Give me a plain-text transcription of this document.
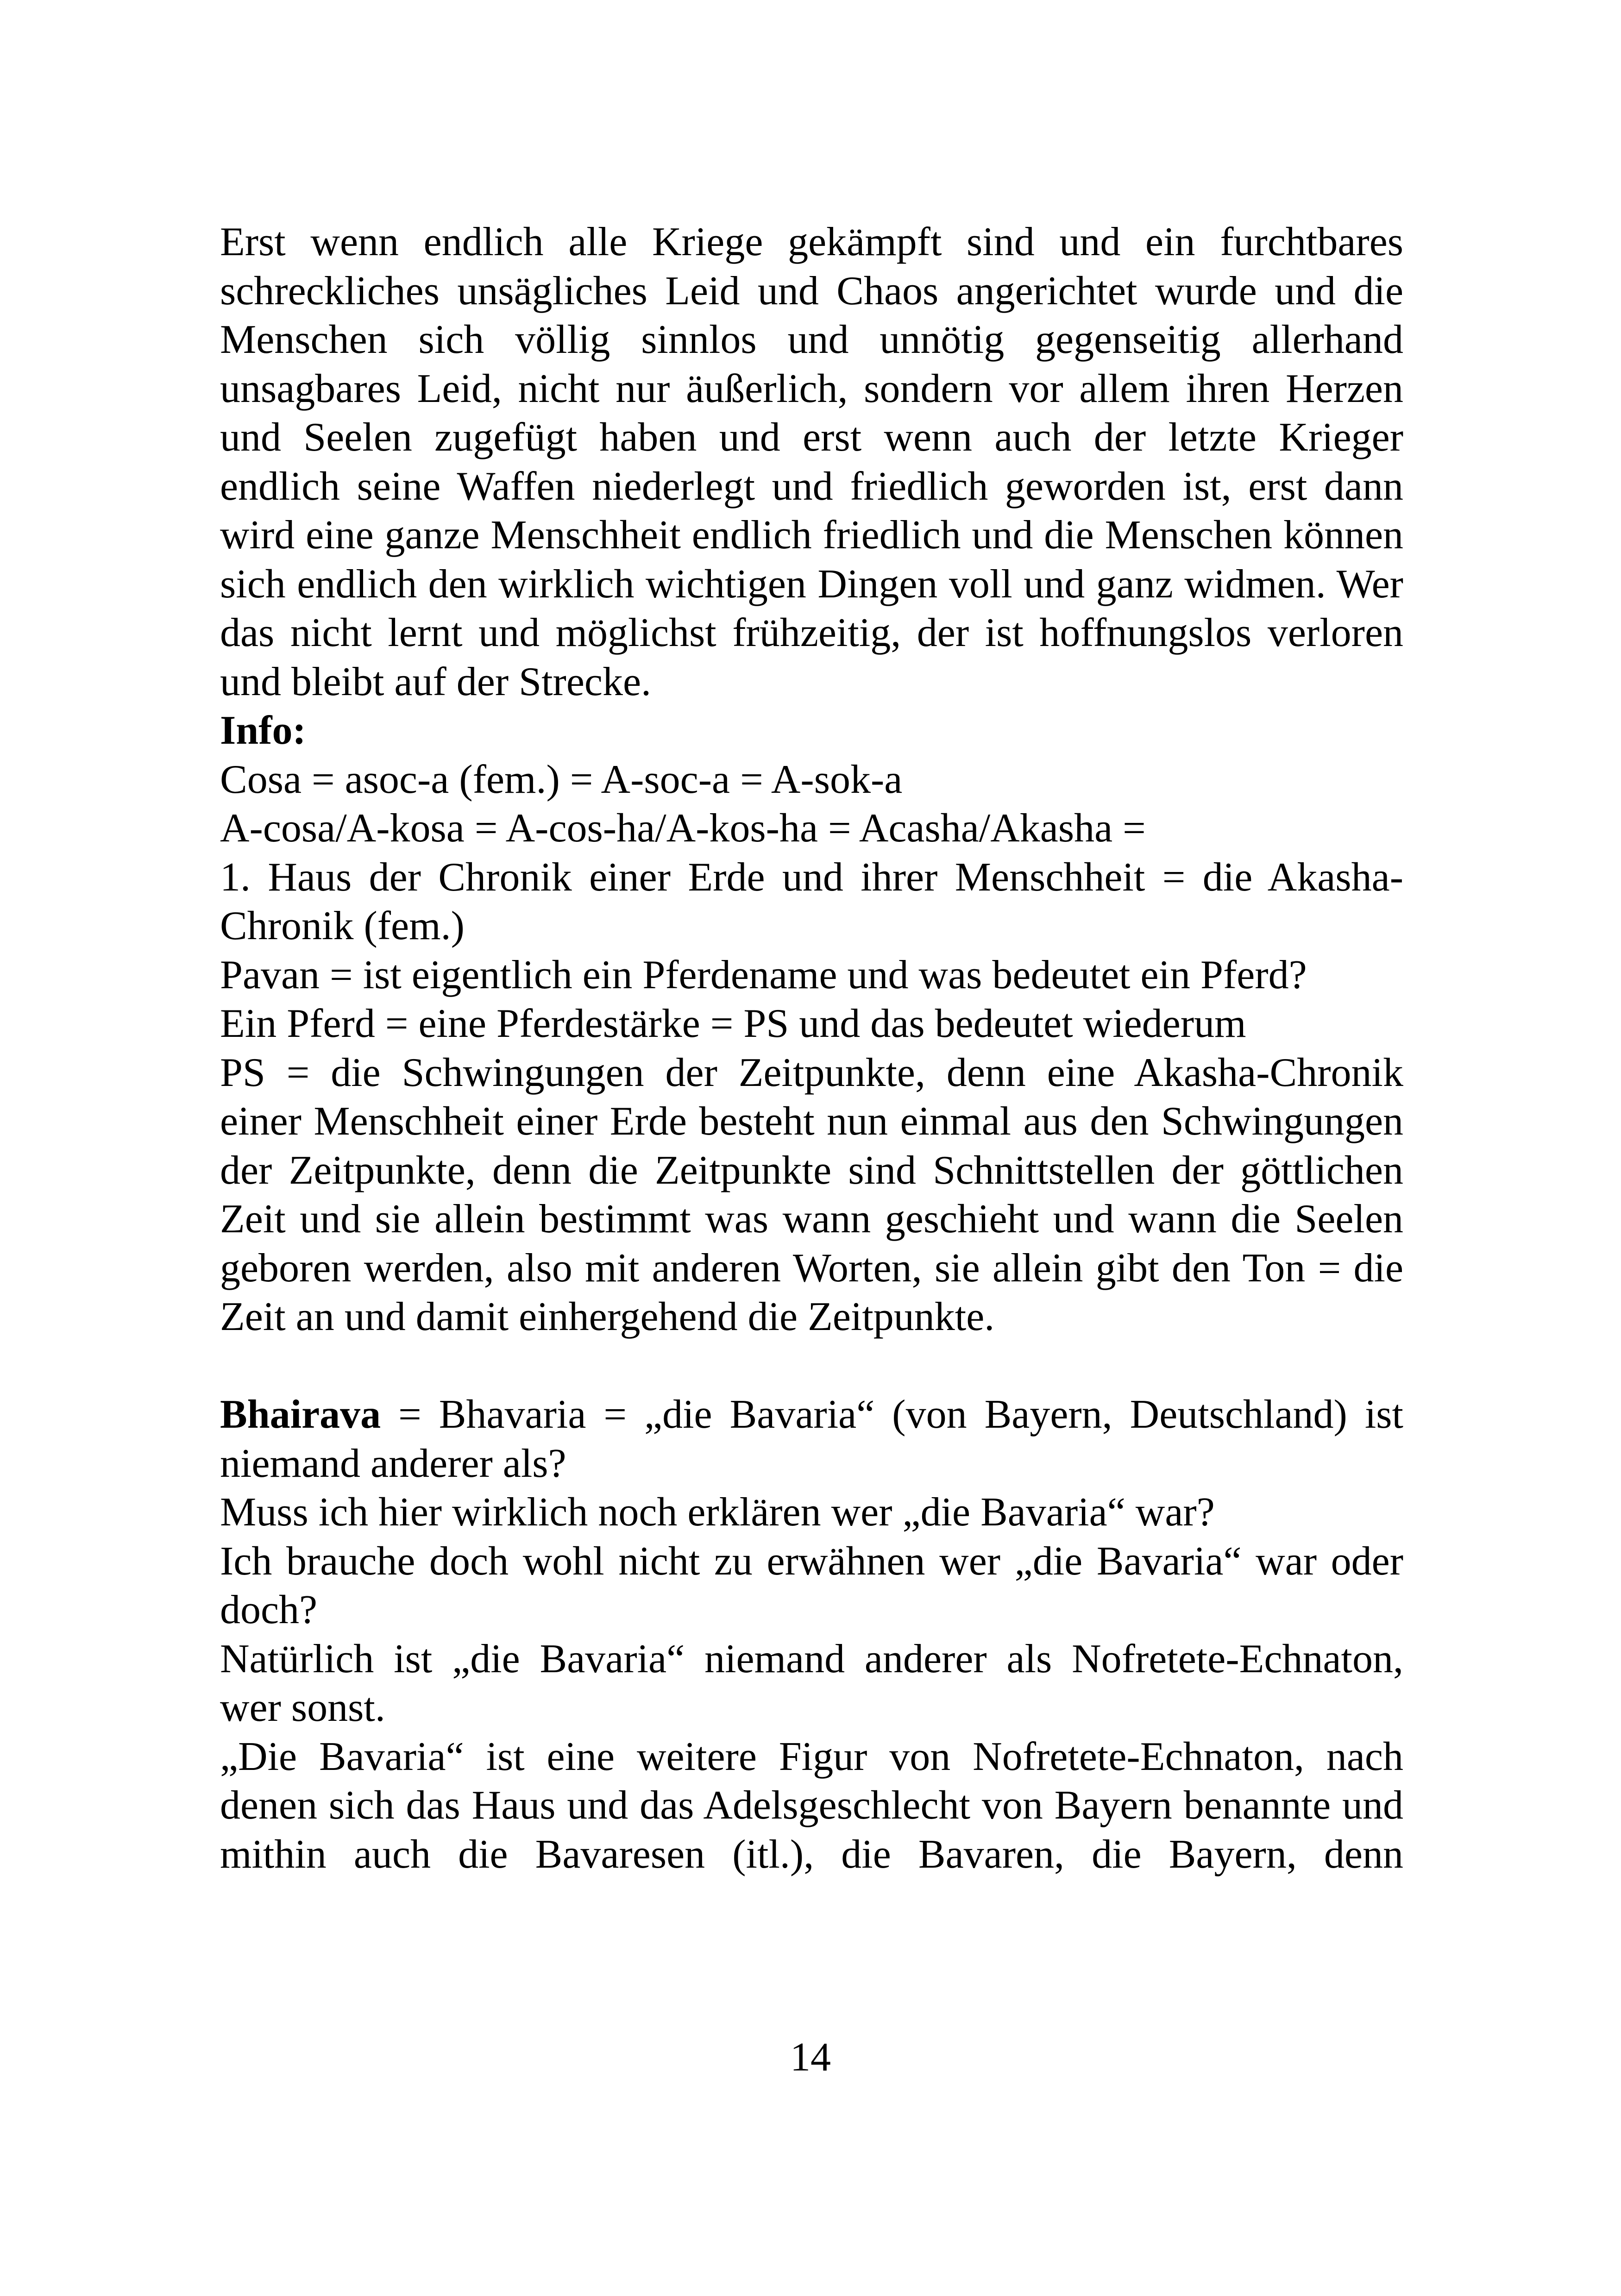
Erst wenn endlich alle Kriege gekämpft sind und ein furchtbares schreckliches unsägliches Leid und Chaos angerichtet wurde und die Menschen sich völlig sinnlos und unnötig gegenseitig allerhand unsagbares Leid, nicht nur äußerlich, sondern vor allem ihren Herzen und Seelen zugefügt haben und erst wenn auch der letzte Krieger endlich seine Waffen niederlegt und friedlich geworden ist, erst dann wird eine ganze Menschheit endlich friedlich und die Menschen können sich endlich den wirklich wichtigen Dingen voll und ganz widmen. Wer das nicht lernt und möglichst frühzeitig, der ist hoffnungslos verloren und bleibt auf der Strecke.

Info:

Cosa = asoc-a (fem.) = A-soc-a = A-sok-a

A-cosa/A-kosa = A-cos-ha/A-kos-ha = Acasha/Akasha =

1. Haus der Chronik einer Erde und ihrer Menschheit = die Akasha-Chronik (fem.)

Pavan = ist eigentlich ein Pferdename und was bedeutet ein Pferd?

Ein Pferd = eine Pferdestärke = PS und das bedeutet wiederum

PS = die Schwingungen der Zeitpunkte, denn eine Akasha-Chronik einer Menschheit einer Erde besteht nun einmal aus den Schwingungen der Zeitpunkte, denn die Zeitpunkte sind Schnittstellen der göttlichen Zeit und sie allein bestimmt was wann geschieht und wann die Seelen geboren werden, also mit anderen Worten, sie allein gibt den Ton = die Zeit an und damit einhergehend die Zeitpunkte.

Bhairava = Bhavaria = „die Bavaria“ (von Bayern, Deutschland) ist niemand anderer als?

Muss ich hier wirklich noch erklären wer „die Bavaria“ war?

Ich brauche doch wohl nicht zu erwähnen wer „die Bavaria“ war oder doch?

Natürlich ist „die Bavaria“ niemand anderer als Nofretete-Echnaton, wer sonst.

„Die Bavaria“ ist eine weitere Figur von Nofretete-Echnaton, nach denen sich das Haus und das Adelsgeschlecht von Bayern benannte und mithin auch die Bavaresen (itl.), die Bavaren, die Bayern, denn

14
